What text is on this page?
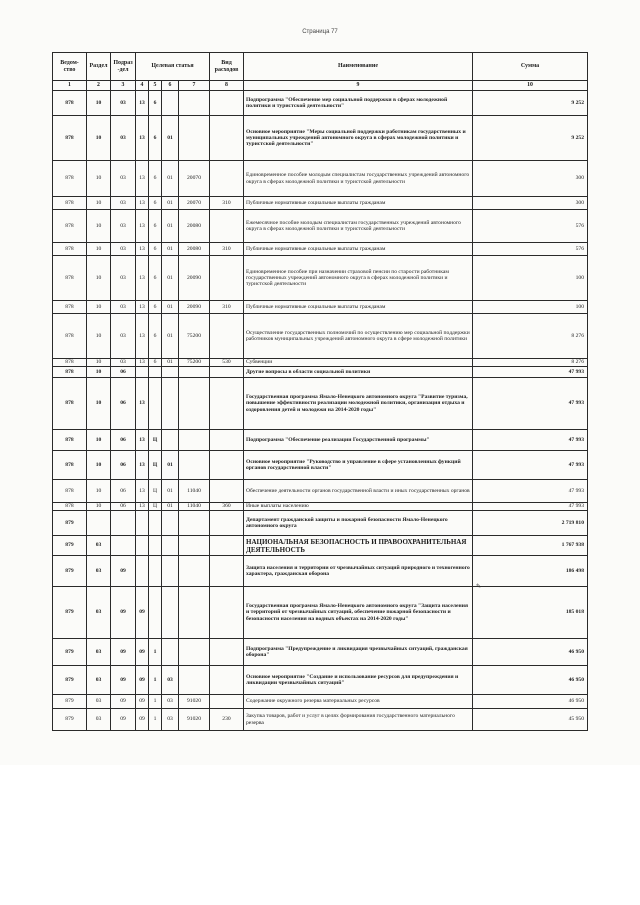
Страница 77
Ведом-ство	Раздел	Подраз-дел	Целевая статья				Вид расходов	Наименование	Сумма
1	2	3	4	5	6	7	8	9	10
878	10	03	13	6				Подпрограмма "Обеспечение мер социальной поддержки в сферах молодежной политики и туристской деятельности"	9 252
878	10	03	13	6	01			Основное мероприятие "Меры социальной поддержки работникам государственных и муниципальных учреждений автономного округа в сферах молодежной политики и туристской деятельности"	9 252
878	10	03	13	6	01	20070		Единовременное пособие молодым специалистам государственных учреждений автономного округа в сферах молодежной политики и туристской деятельности	300
878	10	03	13	6	01	20070	310	Публичные нормативные социальные выплаты гражданам	300
878	10	03	13	6	01	20080		Ежемесячное пособие молодым специалистам государственных учреждений автономного округа в сферах молодежной политики и туристской деятельности	576
878	10	03	13	6	01	20080	310	Публичные нормативные социальные выплаты гражданам	576
878	10	03	13	6	01	20090		Единовременное пособие при назначении страховой пенсии по старости работникам государственных учреждений автономного округа в сферах молодежной политики и туристской деятельности	100
878	10	03	13	6	01	20090	310	Публичные нормативные социальные выплаты гражданам	100
878	10	03	13	6	01	75200		Осуществление государственных полномочий по осуществлению мер социальной поддержки работников муниципальных учреждений автономного округа в сфере молодежной политики	8 276
878	10	03	13	6	01	75200	530	Субвенции	8 276
878	10	06						Другие вопросы в области социальной политики	47 993
878	10	06	13					Государственная программа Ямало-Ненецкого автономного округа "Развитие туризма, повышение эффективности реализации молодежной политики, организация отдыха и оздоровления детей и молодежи на 2014-2020 годы"	47 993
878	10	06	13	Ц				Подпрограмма "Обеспечение реализации Государственной программы"	47 993
878	10	06	13	Ц	01			Основное мероприятие "Руководство и управление в сфере установленных функций органов государственной власти"	47 993
878	10	06	13	Ц	01	11040		Обеспечение деятельности органов государственной власти и иных государственных органов	47 993
878	10	06	13	Ц	01	11040	360	Иные выплаты населению	47 993
879								Департамент гражданской защиты и пожарной безопасности Ямало-Ненецкого автономного округа	2 719 810
879	03							НАЦИОНАЛЬНАЯ БЕЗОПАСНОСТЬ И ПРАВООХРАНИТЕЛЬНАЯ ДЕЯТЕЛЬНОСТЬ	1 767 938
879	03	09						Защита населения и территории от чрезвычайных ситуаций природного и техногенного характера, гражданская оборона	186 498
879	03	09	09					Государственная программа Ямало-Ненецкого автономного округа "Защита населения и территорий от чрезвычайных ситуаций, обеспечение пожарной безопасности и безопасности населения на водных объектах на 2014-2020 годы"	185 018
879	03	09	09	1				Подпрограмма "Предупреждение и ликвидация чрезвычайных ситуаций, гражданская оборона"	46 950
879	03	09	09	1	03			Основное мероприятие "Создание и использование ресурсов для предупреждения и ликвидации чрезвычайных ситуаций"	46 950
879	03	09	09	1	03	91020		Содержание окружного резерва материальных ресурсов	46 950
879	03	09	09	1	03	91020	230	Закупка товаров, работ и услуг в целях формирования государственного материального резерва	45 950
✎
